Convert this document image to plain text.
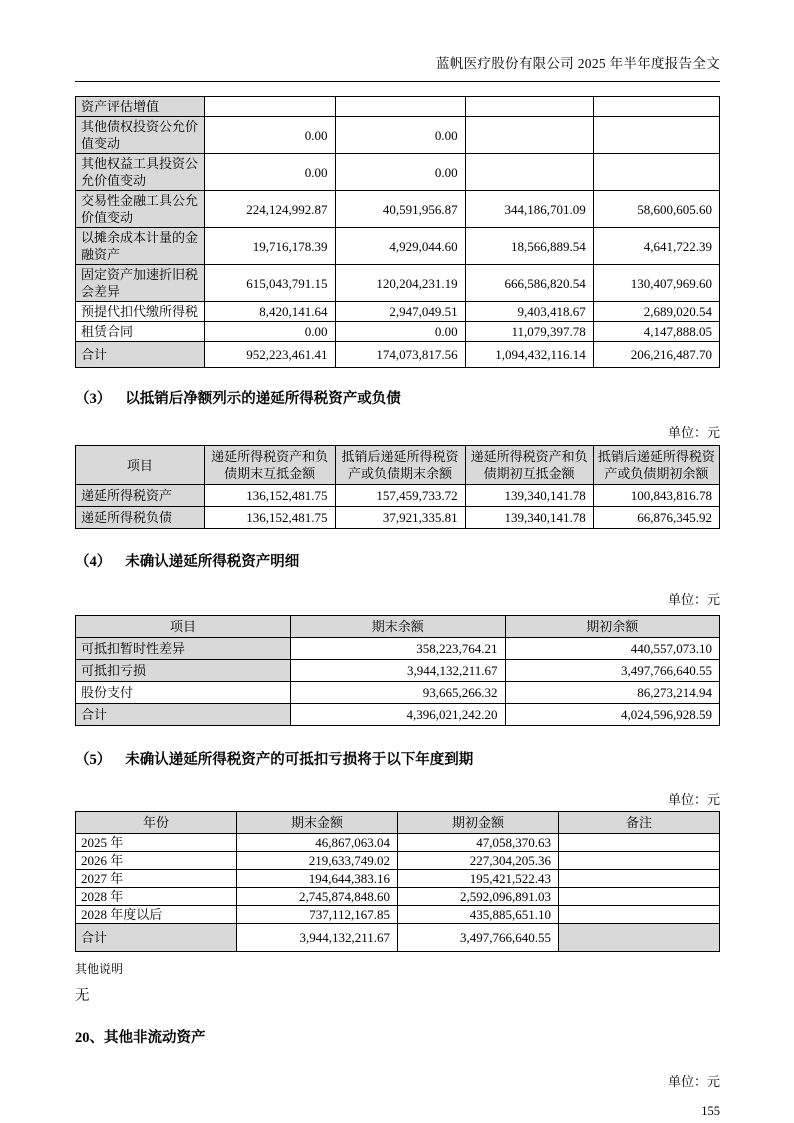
蓝帆医疗股份有限公司 2025 年半年度报告全文
资产评估增值				
其他债权投资公允价值变动	0.00	0.00		
其他权益工具投资公允价值变动	0.00	0.00		
交易性金融工具公允价值变动	224,124,992.87	40,591,956.87	344,186,701.09	58,600,605.60
以摊余成本计量的金融资产	19,716,178.39	4,929,044.60	18,566,889.54	4,641,722.39
固定资产加速折旧税会差异	615,043,791.15	120,204,231.19	666,586,820.54	130,407,969.60
预提代扣代缴所得税	8,420,141.64	2,947,049.51	9,403,418.67	2,689,020.54
租赁合同	0.00	0.00	11,079,397.78	4,147,888.05
合计	952,223,461.41	174,073,817.56	1,094,432,116.14	206,216,487.70
（3） 以抵销后净额列示的递延所得税资产或负债
单位：元
项目	递延所得税资产和负债期末互抵金额	抵销后递延所得税资产或负债期末余额	递延所得税资产和负债期初互抵金额	抵销后递延所得税资产或负债期初余额
递延所得税资产	136,152,481.75	157,459,733.72	139,340,141.78	100,843,816.78
递延所得税负债	136,152,481.75	37,921,335.81	139,340,141.78	66,876,345.92
（4） 未确认递延所得税资产明细
单位：元
项目	期末余额	期初余额
可抵扣暂时性差异	358,223,764.21	440,557,073.10
可抵扣亏损	3,944,132,211.67	3,497,766,640.55
股份支付	93,665,266.32	86,273,214.94
合计	4,396,021,242.20	4,024,596,928.59
（5） 未确认递延所得税资产的可抵扣亏损将于以下年度到期
单位：元
年份	期末金额	期初金额	备注
2025 年	46,867,063.04	47,058,370.63	
2026 年	219,633,749.02	227,304,205.36	
2027 年	194,644,383.16	195,421,522.43	
2028 年	2,745,874,848.60	2,592,096,891.03	
2028 年度以后	737,112,167.85	435,885,651.10	
合计	3,944,132,211.67	3,497,766,640.55	
其他说明
无
20、其他非流动资产
单位：元
155
